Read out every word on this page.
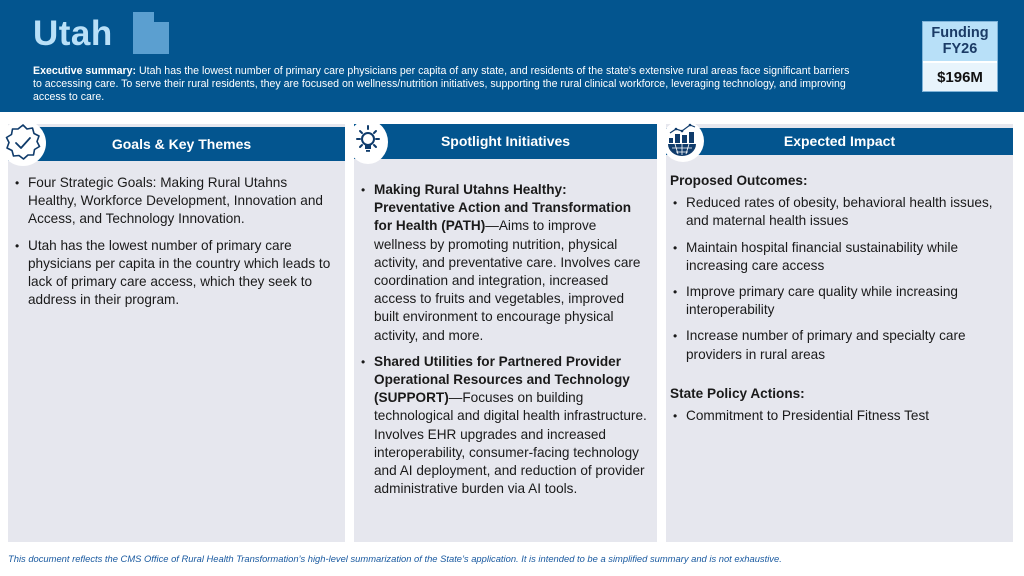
Utah
Executive summary: Utah has the lowest number of primary care physicians per capita of any state, and residents of the state's extensive rural areas face significant barriers to accessing care. To serve their rural residents, they are focused on wellness/nutrition initiatives, supporting the rural clinical workforce, leveraging technology, and improving access to care.
Funding
FY26
$196M
Goals & Key Themes
• Four Strategic Goals: Making Rural Utahns Healthy, Workforce Development, Innovation and Access, and Technology Innovation.
• Utah has the lowest number of primary care physicians per capita in the country which leads to lack of primary care access, which they seek to address in their program.
Spotlight Initiatives
• Making Rural Utahns Healthy: Preventative Action and Transformation for Health (PATH)—Aims to improve wellness by promoting nutrition, physical activity, and preventative care. Involves care coordination and integration, increased access to fruits and vegetables, improved built environment to encourage physical activity, and more.
• Shared Utilities for Partnered Provider Operational Resources and Technology (SUPPORT)—Focuses on building technological and digital health infrastructure. Involves EHR upgrades and increased interoperability, consumer-facing technology and AI deployment, and reduction of provider administrative burden via AI tools.
Expected Impact
Proposed Outcomes:
• Reduced rates of obesity, behavioral health issues, and maternal health issues
• Maintain hospital financial sustainability while increasing care access
• Improve primary care quality while increasing interoperability
• Increase number of primary and specialty care providers in rural areas
State Policy Actions:
• Commitment to Presidential Fitness Test
This document reflects the CMS Office of Rural Health Transformation’s high-level summarization of the State’s application. It is intended to be a simplified summary and is not exhaustive.
